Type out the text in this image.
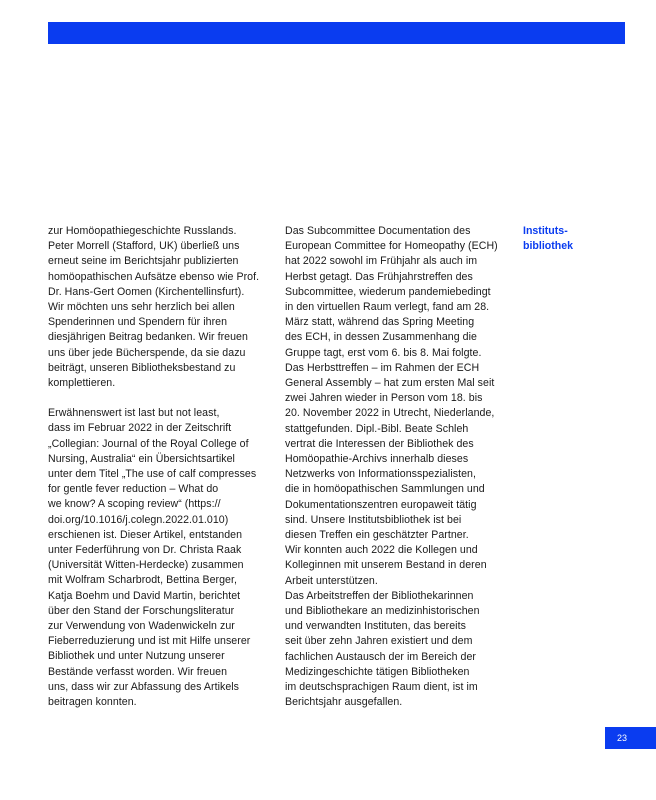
zur Homöopathiegeschichte Russlands.
Peter Morrell (Stafford, UK) überließ uns
erneut seine im Berichtsjahr publizierten
homöopathischen Aufsätze ebenso wie Prof.
Dr. Hans-Gert Oomen (Kirchentellinsfurt).
Wir möchten uns sehr herzlich bei allen
Spenderinnen und Spendern für ihren
diesjährigen Beitrag bedanken. Wir freuen
uns über jede Bücherspende, da sie dazu
beiträgt, unseren Bibliotheksbestand zu
komplettieren.

Erwähnenswert ist last but not least,
dass im Februar 2022 in der Zeitschrift
„Collegian: Journal of the Royal College of
Nursing, Australia“ ein Übersichtsartikel
unter dem Titel „The use of calf compresses
for gentle fever reduction – What do
we know? A scoping review“ (https://
doi.org/10.1016/j.colegn.2022.01.010)
erschienen ist. Dieser Artikel, entstanden
unter Federführung von Dr. Christa Raak
(Universität Witten-Herdecke) zusammen
mit Wolfram Scharbrodt, Bettina Berger,
Katja Boehm und David Martin, berichtet
über den Stand der Forschungsliteratur
zur Verwendung von Wadenwickeln zur
Fieberreduzierung und ist mit Hilfe unserer
Bibliothek und unter Nutzung unserer
Bestände verfasst worden. Wir freuen
uns, dass wir zur Abfassung des Artikels
beitragen konnten.

Das Subcommittee Documentation des
European Committee for Homeopathy (ECH)
hat 2022 sowohl im Frühjahr als auch im
Herbst getagt. Das Frühjahrstreffen des
Subcommittee, wiederum pandemiebedingt
in den virtuellen Raum verlegt, fand am 28.
März statt, während das Spring Meeting
des ECH, in dessen Zusammenhang die
Gruppe tagt, erst vom 6. bis 8. Mai folgte.
Das Herbsttreffen – im Rahmen der ECH
General Assembly – hat zum ersten Mal seit
zwei Jahren wieder in Person vom 18. bis
20. November 2022 in Utrecht, Niederlande,
stattgefunden. Dipl.-Bibl. Beate Schleh
vertrat die Interessen der Bibliothek des
Homöopathie-Archivs innerhalb dieses
Netzwerks von Informationsspezialisten,
die in homöopathischen Sammlungen und
Dokumentationszentren europaweit tätig
sind. Unsere Institutsbibliothek ist bei
diesen Treffen ein geschätzter Partner.
Wir konnten auch 2022 die Kollegen und
Kolleginnen mit unserem Bestand in deren
Arbeit unterstützen.

Das Arbeitstreffen der Bibliothekarinnen
und Bibliothekare an medizinhistorischen
und verwandten Instituten, das bereits
seit über zehn Jahren existiert und dem
fachlichen Austausch der im Bereich der
Medizingeschichte tätigen Bibliotheken
im deutschsprachigen Raum dient, ist im
Berichtsjahr ausgefallen.

Instituts-
bibliothek
23
